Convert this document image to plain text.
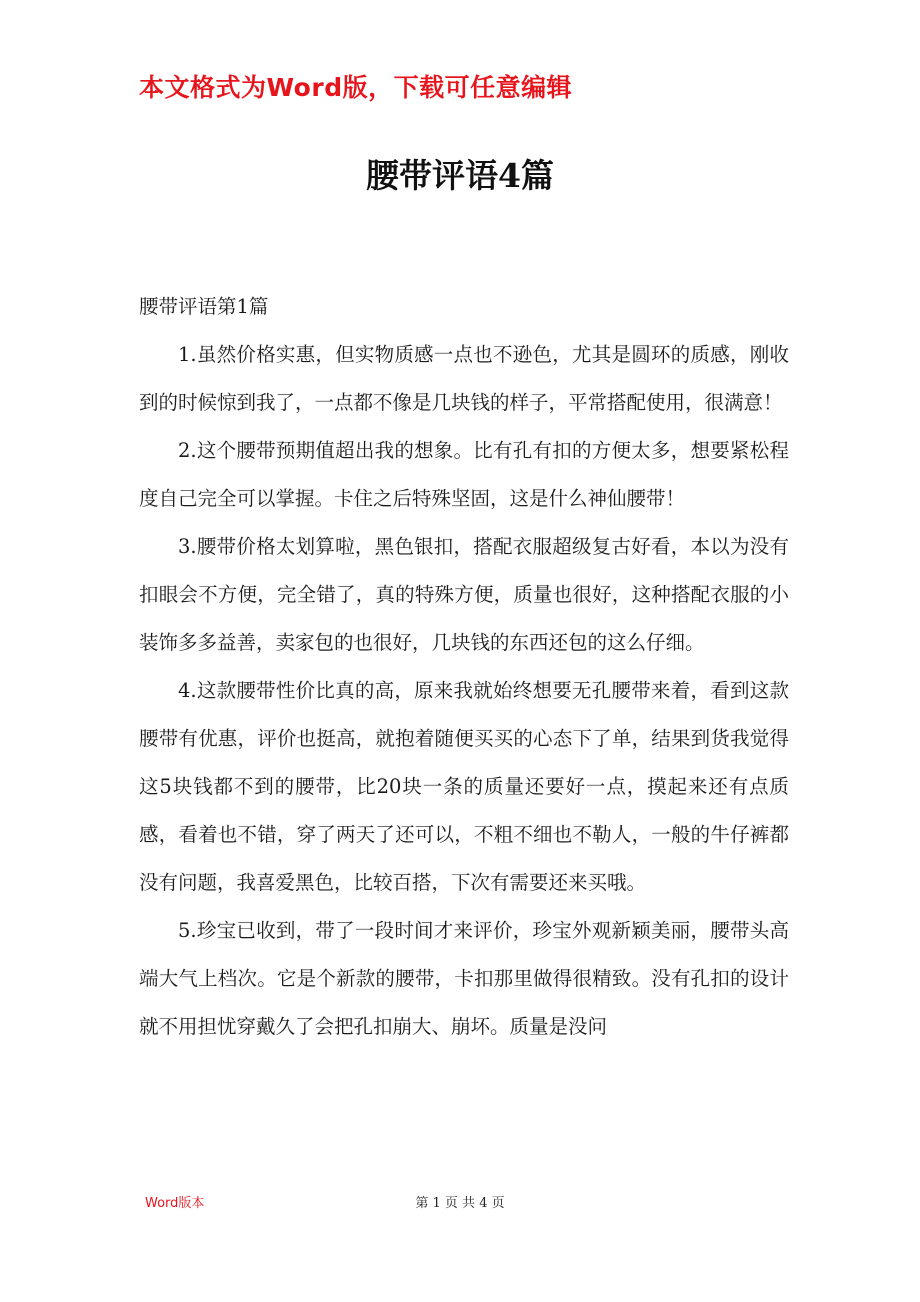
本文格式为Word版，下载可任意编辑
腰带评语4篇

腰带评语第1篇

1.虽然价格实惠，但实物质感一点也不逊色，尤其是圆环的质感，刚收到的时候惊到我了，一点都不像是几块钱的样子，平常搭配使用，很满意！

2.这个腰带预期值超出我的想象。比有孔有扣的方便太多，想要紧松程度自己完全可以掌握。卡住之后特殊坚固，这是什么神仙腰带！

3.腰带价格太划算啦，黑色银扣，搭配衣服超级复古好看，本以为没有扣眼会不方便，完全错了，真的特殊方便，质量也很好，这种搭配衣服的小装饰多多益善，卖家包的也很好，几块钱的东西还包的这么仔细。

4.这款腰带性价比真的高，原来我就始终想要无孔腰带来着，看到这款腰带有优惠，评价也挺高，就抱着随便买买的心态下了单，结果到货我觉得这5块钱都不到的腰带，比20块一条的质量还要好一点，摸起来还有点质感，看着也不错，穿了两天了还可以，不粗不细也不勒人，一般的牛仔裤都没有问题，我喜爱黑色，比较百搭，下次有需要还来买哦。

5.珍宝已收到，带了一段时间才来评价，珍宝外观新颖美丽，腰带头高端大气上档次。它是个新款的腰带，卡扣那里做得很精致。没有孔扣的设计就不用担忧穿戴久了会把孔扣崩大、崩坏。质量是没问

Word版本	第 1 页 共 4 页
